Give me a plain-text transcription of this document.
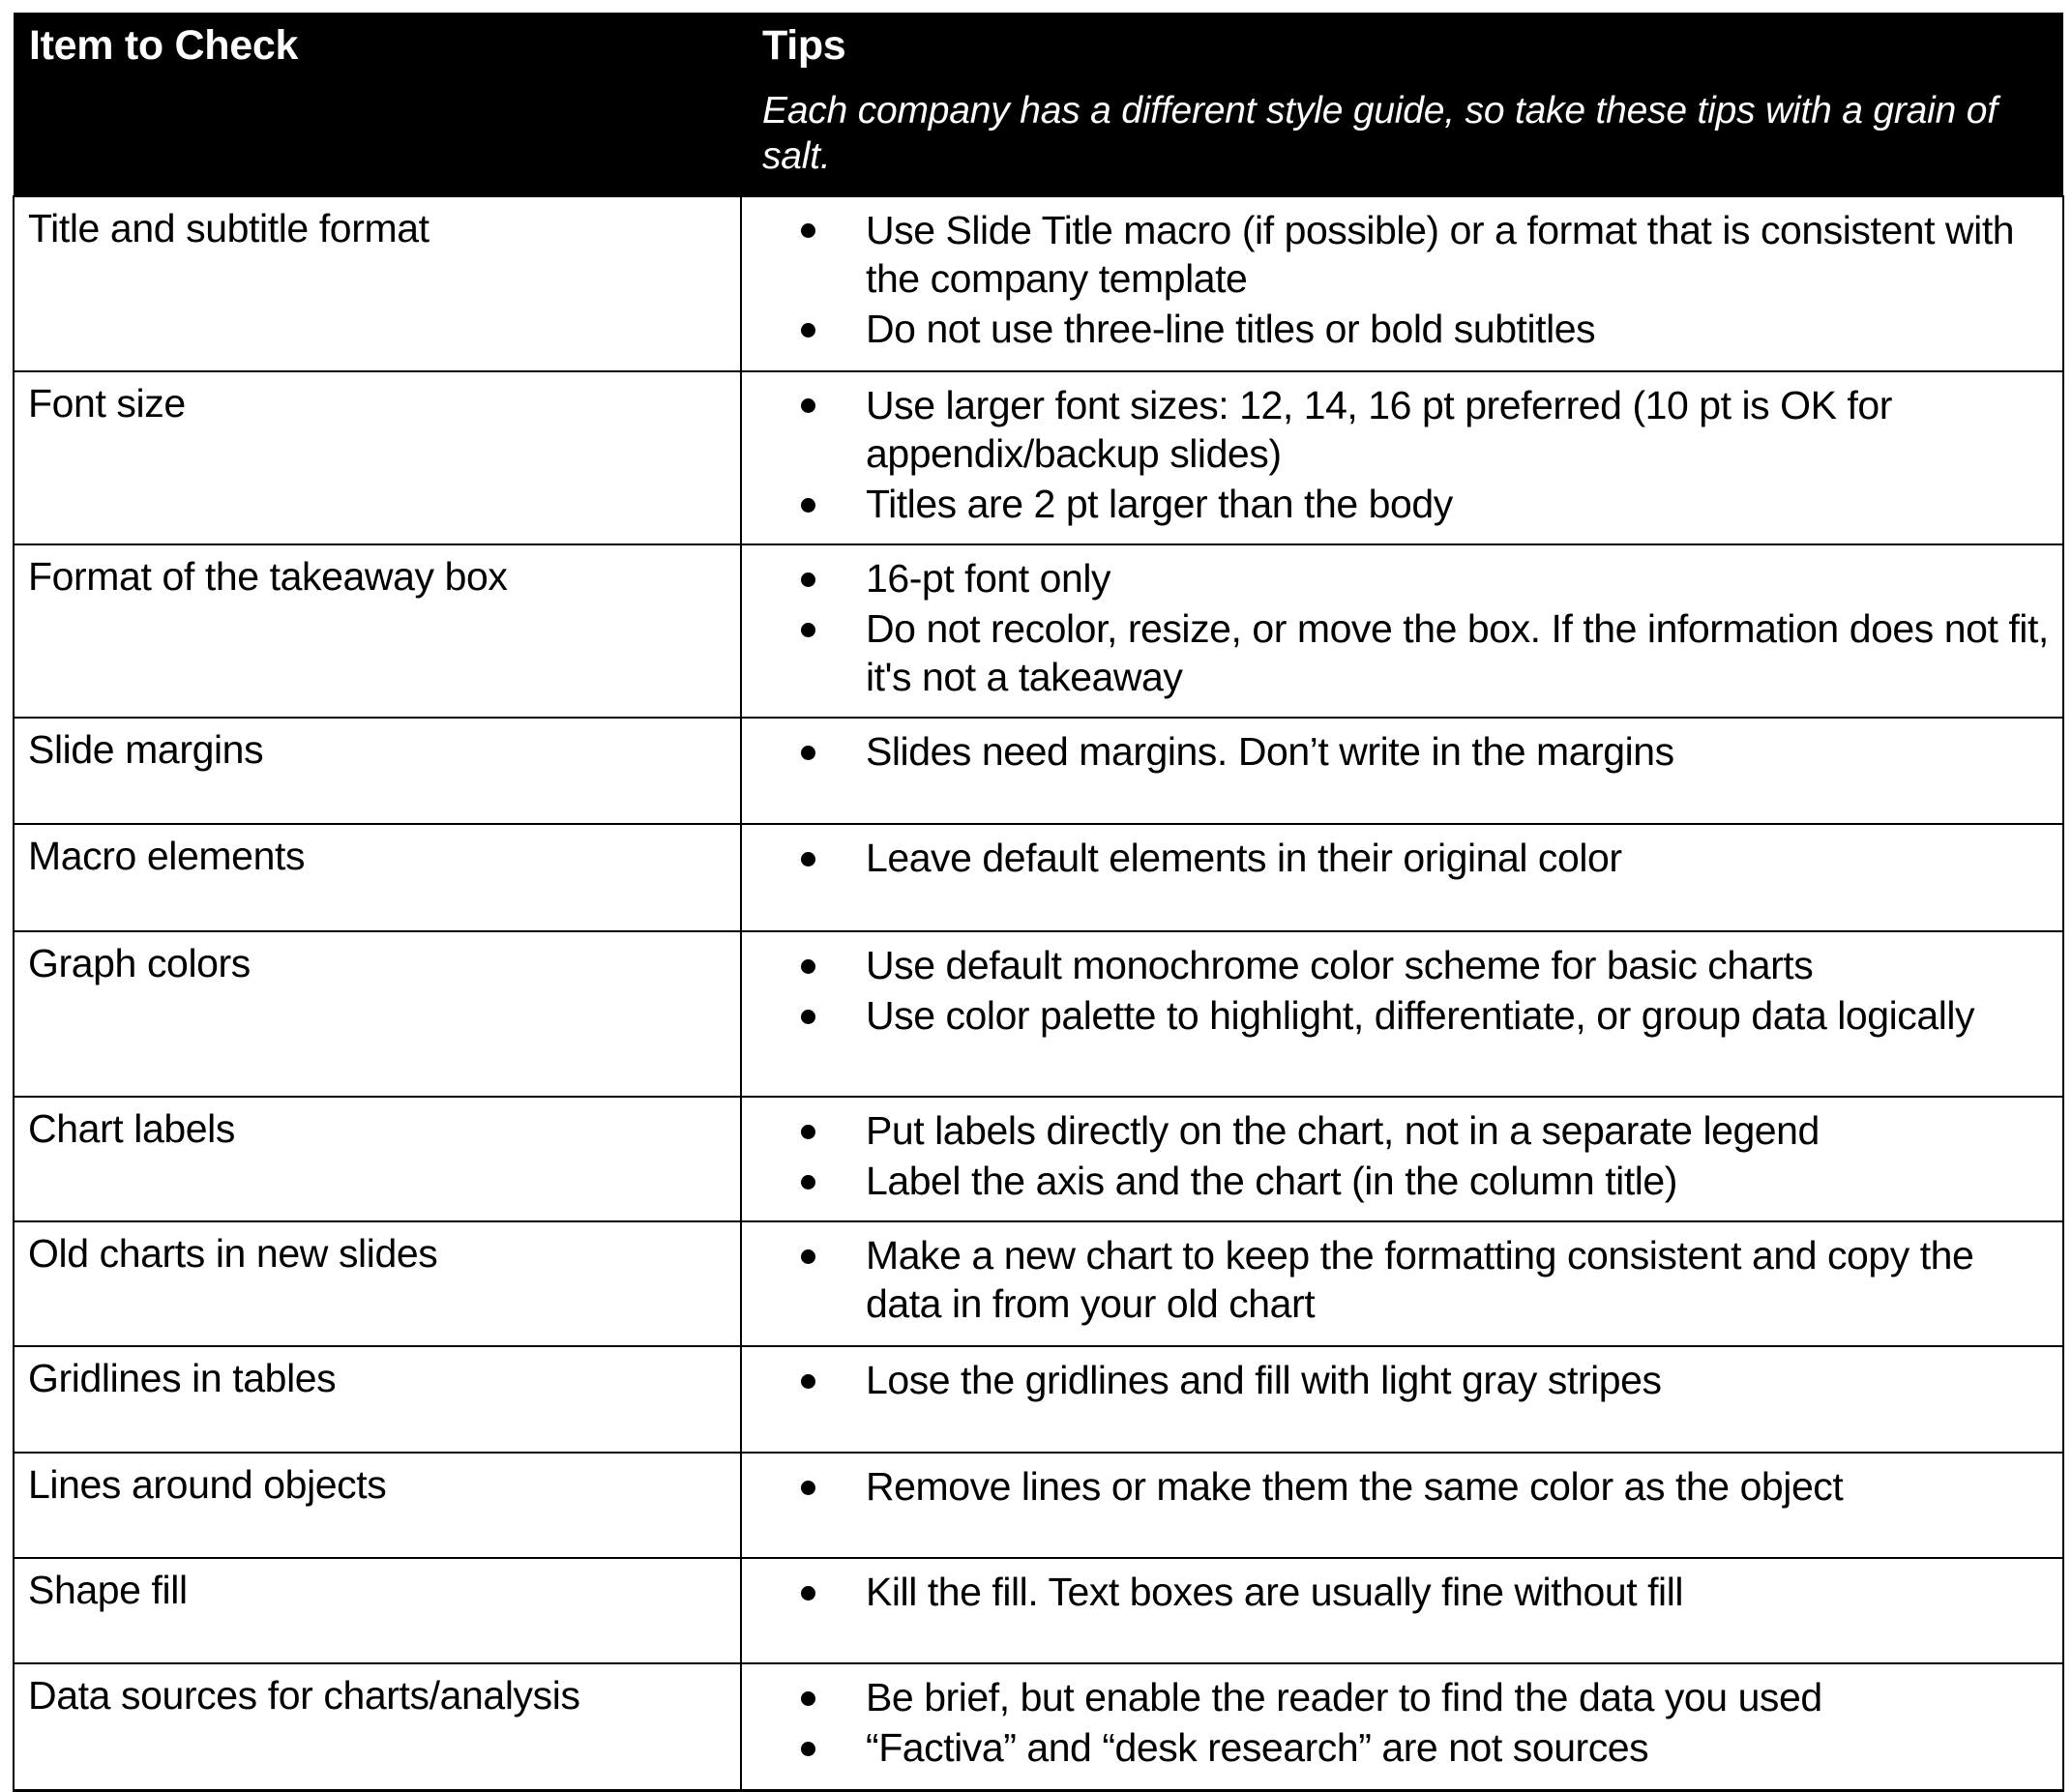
Item to Check	Tips
Each company has a different style guide, so take these tips with a grain of salt.

Title and subtitle format	Use Slide Title macro (if possible) or a format that is consistent with the company template
Do not use three-line titles or bold subtitles

Font size	Use larger font sizes: 12, 14, 16 pt preferred (10 pt is OK for appendix/backup slides)
Titles are 2 pt larger than the body

Format of the takeaway box	16-pt font only
Do not recolor, resize, or move the box. If the information does not fit, it's not a takeaway

Slide margins	Slides need margins. Don’t write in the margins

Macro elements	Leave default elements in their original color

Graph colors	Use default monochrome color scheme for basic charts
Use color palette to highlight, differentiate, or group data logically

Chart labels	Put labels directly on the chart, not in a separate legend
Label the axis and the chart (in the column title)

Old charts in new slides	Make a new chart to keep the formatting consistent and copy the data in from your old chart

Gridlines in tables	Lose the gridlines and fill with light gray stripes

Lines around objects	Remove lines or make them the same color as the object

Shape fill	Kill the fill. Text boxes are usually fine without fill

Data sources for charts/analysis	Be brief, but enable the reader to find the data you used
“Factiva” and “desk research” are not sources
